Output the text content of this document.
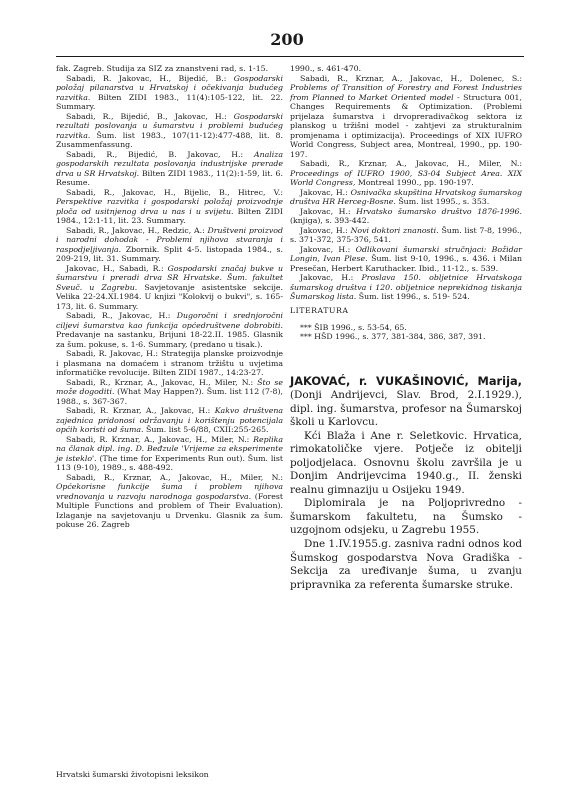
200

fak. Zagreb. Studija za SIZ za znanstveni rad, s. 1-15.

Sabadi, R. Jakovac, H., Bijedić, B.: Gospodarski položaj pilanarstva u Hrvatskoj i očekivanja budućeg razvitka. Bilten ZIDI 1983., 11(4):105-122, lit. 22. Summary.

Sabadi, R., Bijedić, B., Jakovac, H.: Gospodarski rezultati poslovanja u šumarstvu i problemi budućeg razvitka. Šum. list 1983., 107(11-12):477-488, lit. 8. Zusammenfassung.

Sabadi, R., Bijedić, B. Jakovac, H.: Analiza gospodarskih rezultata poslovanja industrijske prerade drva u SR Hrvatskoj. Bilten ZIDI 1983., 11(2):1-59, lit. 6. Resume.

Sabadi, R., Jakovac, H., Bijelic, B., Hitrec, V.: Perspektive razvitka i gospodarski položaj proizvodnje ploča od usitnjenog drva u nas i u svijetu. Bilten ZIDI 1984., 12:1-11, lit. 23. Summary.

Sabadi, R., Jakovac, H., Redzic, A.: Društveni proizvod i narodni dohodak - Problemi njihova stvaranja i raspodjeljivanja. Zbornik. Split 4-5. listopada 1984., s. 209-219, lit. 31. Summary.

Jakovac, H., Sabadi, R.: Gospodarski značaj bukve u šumarstvu i preradi drva SR Hrvatske. Šum. fakultet Sveuč. u Zagrebu. Savjetovanje asistentske sekcije. Velika 22-24.XI.1984. U knjizi "Kolokvij o bukvi", s. 165-173, lit. 6. Summary.

Sabadi, R., Jakovac, H.: Dugoročni i srednjoročni ciljevi šumarstva kao funkcija općedruštvene dobrobiti. Predavanje na sastanku, Brijuni 18-22.II. 1985. Glasnik za šum. pokuse, s. 1-6. Summary, (predano u tisak.).

Sabadi, R. Jakovac, H.: Strategija planske proizvodnje i plasmana na domaćem i stranom tržištu u uvjetima informatičke revolucije. Bilten ZIDI 1987., 14:23-27.

Sabadi, R., Krznar, A., Jakovac, H., Miler, N.: Što se može dogoditi. (What May Happen?). Šum. list 112 (7-8), 1988., s. 367-367.

Sabadi, R. Krznar, A., Jakovac, H.: Kakvo društvena zajednica pridonosi održavanju i korištenju potencijala općih koristi od šuma. Šum. list 5-6/88, CXII:255-265.

Sabadi, R. Krznar, A., Jakovac, H., Miler, N.: Replika na članak dipl. ing. D. Beđzule 'Vrijeme za eksperimente je isteklo'. (The time for Experiments Run out). Šum. list 113 (9-10), 1989., s. 488-492.

Sabadi, R., Krznar, A., Jakovac, H., Miler, N.: Općekorisne funkcije šuma i problem njihova vrednovanja u razvoju narodnoga gospodarstva. (Forest Multiple Functions and problem of Their Evaluation). Izlaganje na savjetovanju u Drvenku. Glasnik za šum. pokuse 26. Zagreb

1990., s. 461-470.

Sabadi, R., Krznar, A., Jakovac, H., Dolenec, S.: Problems of Transition of Forestry and Forest Industries from Planned to Market Oriented model - Structura 001, Changes Requirements & Optimization. (Problemi prijelaza šumarstva i drvopreradivačkog sektora iz planskog u tržišni model - zahtjevi za strukturalnim promjenama i optimizacija). Proceedings of XIX IUFRO World Congress, Subject area, Montreal, 1990., pp. 190-197.

Sabadi, R., Krznar, A., Jakovac, H., Miler, N.: Proceedings of IUFRO 1900, S3-04 Subject Area. XIX World Congress, Montreal 1990., pp. 190-197.

Jakovac, H.: Osnivačka skupština Hrvatskog šumarskog društva HR Herceg-Bosne. Šum. list 1995., s. 353.

Jakovac, H.: Hrvatsko šumarsko društvo 1876-1996. (knjiga), s. 393-442.

Jakovac, H.: Novi doktori znanosti. Šum. list 7-8, 1996., s. 371-372, 375-376, 541.

Jakovac, H.: Odlikovani šumarski stručnjaci: Božidar Longin, Ivan Plese. Šum. list 9-10, 1996., s. 436. i Milan Presečan, Herbert Karuthacker. Ibid., 11-12., s. 539.

Jakovac, H.: Proslava 150. obljetnice Hrvatskoga šumarskog društva i 120. obljetnice neprekidnog tiskanja Šumarskog lista. Šum. list 1996., s. 519- 524.

LITERATURA

*** ŠIB 1996., s. 53-54, 65.

*** HŠD 1996., s. 377, 381-384, 386, 387, 391.

JAKOVAĆ, r. VUKAŠINOVIĆ, Marija, (Donji Andrijevci, Slav. Brod, 2.I.1929.), dipl. ing. šumarstva, profesor na Šumarskoj školi u Karlovcu.

Kći Blaža i Ane r. Seletkovic. Hrvatica, rimokatoličke vjere. Potječe iz obitelji poljodjelaca. Osnovnu školu završila je u Donjim Andrijevcima 1940.g., II. ženski realnu gimnaziju u Osijeku 1949.

Diplomirala je na Poljoprivredno - šumarskom fakultetu, na Šumsko - uzgojnom odsjeku, u Zagrebu 1955.

Dne 1.IV.1955.g. zasniva radni odnos kod Šumskog gospodarstva Nova Gradiška - Sekcija za uređivanje šuma, u zvanju pripravnika za referenta šumarske struke.

Hrvatski šumarski životopisni leksikon
